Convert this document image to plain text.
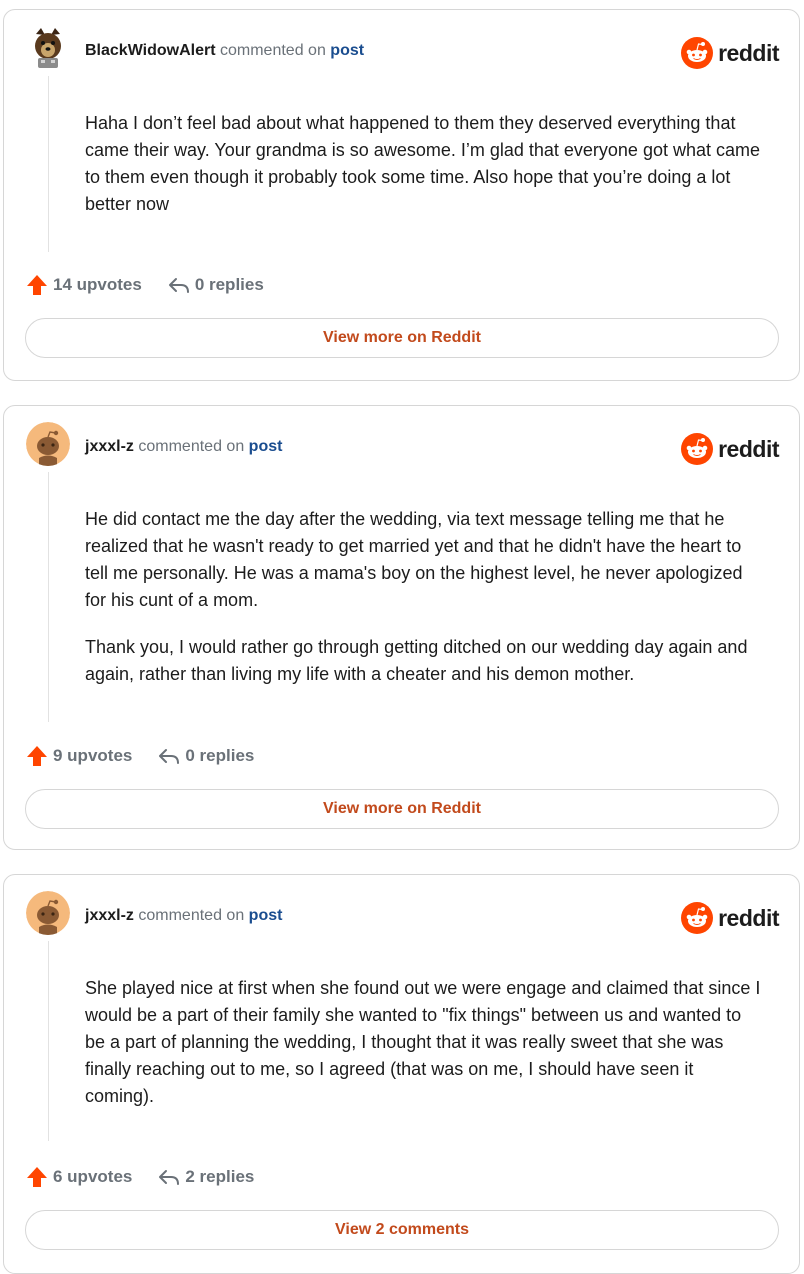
BlackWidowAlert commented on post	reddit

Haha I don’t feel bad about what happened to them they deserved everything that came their way. Your grandma is so awesome. I’m glad that everyone got what came to them even though it probably took some time. Also hope that you’re doing a lot better now

14 upvotes	0 replies
View more on Reddit
jxxxl-z commented on post	reddit

He did contact me the day after the wedding, via text message telling me that he realized that he wasn't ready to get married yet and that he didn't have the heart to tell me personally. He was a mama's boy on the highest level, he never apologized for his cunt of a mom.

Thank you, I would rather go through getting ditched on our wedding day again and again, rather than living my life with a cheater and his demon mother.

9 upvotes	0 replies
View more on Reddit
jxxxl-z commented on post	reddit

She played nice at first when she found out we were engage and claimed that since I would be a part of their family she wanted to "fix things" between us and wanted to be a part of planning the wedding, I thought that it was really sweet that she was finally reaching out to me, so I agreed (that was on me, I should have seen it coming).

6 upvotes	2 replies
View 2 comments
